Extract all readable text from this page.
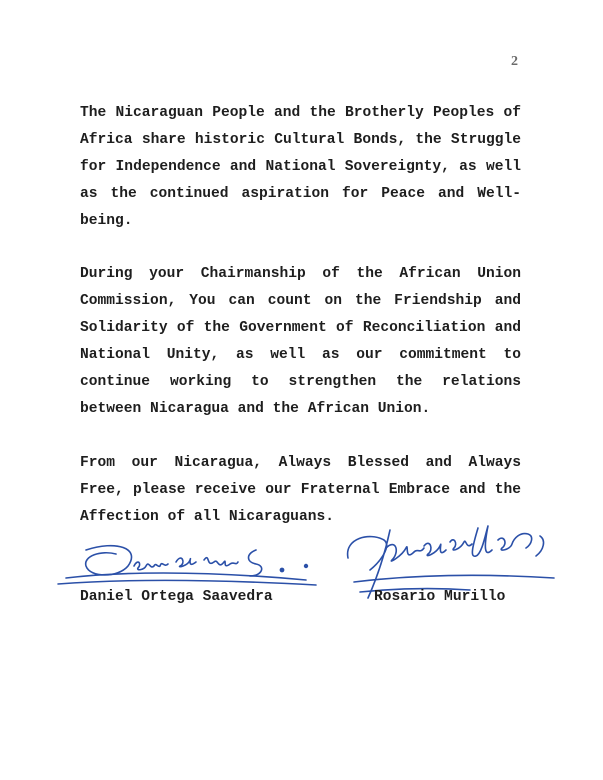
2

The Nicaraguan People and the Brotherly Peoples of Africa share historic Cultural Bonds, the Struggle for Independence and National Sovereignty, as well as the continued aspiration for Peace and Well-being.

During your Chairmanship of the African Union Commission, You can count on the Friendship and Solidarity of the Government of Reconciliation and National Unity, as well as our commitment to continue working to strengthen the relations between Nicaragua and the African Union.

From our Nicaragua, Always Blessed and Always Free, please receive our Fraternal Embrace and the Affection of all Nicaraguans.

Daniel Ortega Saavedra	Rosario Murillo
